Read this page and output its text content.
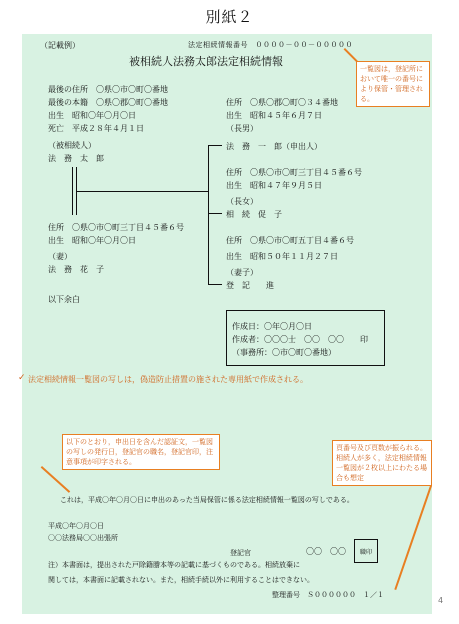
別紙２
（記載例）	法定相続情報番号　００００－００－０００００
被相続人法務太郎法定相続情報
一覧図は，登記所において唯一の番号により保管・管理される。
最後の住所　〇県〇市〇町〇番地
最後の本籍　〇県〇郡〇町〇番地
出生　昭和〇年〇月〇日
死亡　平成２８年４月１日
（被相続人）
法　務　太　郎
住所　〇県〇市〇町三丁目４５番６号
出生　昭和〇年〇月〇日
（妻）
法　務　花　子
住所　〇県〇郡〇町〇３４番地
出生　昭和４５年６月７日
（長男）
法　務　一　郎（申出人）
住所　〇県〇市〇町三丁目４５番６号
出生　昭和４７年９月５日
（長女）
相　続　促　子
住所　〇県〇市〇町五丁目４番６号
出生　昭和５０年１１月２７日
（妻子）
登　記　　進
以下余白
作成日：〇年〇月〇日
作成者：〇〇〇士　〇〇　〇〇　　印
（事務所：〇市〇町〇番地）
✓ 法定相続情報一覧図の写しは，偽造防止措置の施された専用紙で作成される。
以下のとおり，申出日を含んだ認証文，一覧図の写しの発行日，登記官の職名，登記官印，注意事項が印字される。
頁番号及び頁数が振られる。相続人が多く，法定相続情報一覧図が２枚以上にわたる場合も想定
これは，平成〇年〇月〇日に申出のあった当局保管に係る法定相続情報一覧図の写しである。
平成〇年〇月〇日
〇〇法務局〇〇出張所
登記官	〇〇　〇〇 職印
注）本書面は，提出された戸除籍謄本等の記載に基づくものである。相続放棄に
関しては，本書面に記載されない。また，相続手続以外に利用することはできない。
整理番号　Ｓ００００００　１／１
4
